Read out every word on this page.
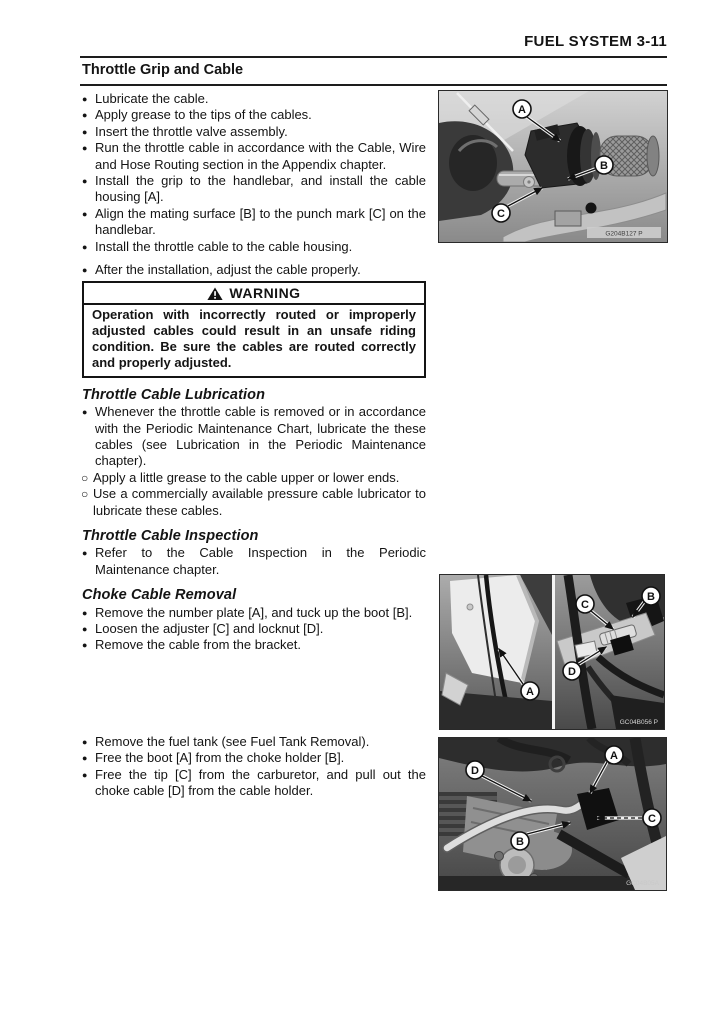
FUEL SYSTEM 3-11
Throttle Grip and Cable
● Lubricate the cable.
● Apply grease to the tips of the cables.
● Insert the throttle valve assembly.
● Run the throttle cable in accordance with the Cable, Wire and Hose Routing section in the Appendix chapter.
● Install the grip to the handlebar, and install the cable housing [A].
● Align the mating surface [B] to the punch mark [C] on the handlebar.
● Install the throttle cable to the cable housing.
● After the installation, adjust the cable properly.
WARNING
Operation with incorrectly routed or improperly adjusted cables could result in an unsafe riding condition. Be sure the cables are routed correctly and properly adjusted.
Throttle Cable Lubrication
● Whenever the throttle cable is removed or in accordance with the Periodic Maintenance Chart, lubricate the these cables (see Lubrication in the Periodic Maintenance chapter).
○ Apply a little grease to the cable upper or lower ends.
○ Use a commercially available pressure cable lubricator to lubricate these cables.
Throttle Cable Inspection
● Refer to the Cable Inspection in the Periodic Maintenance chapter.
Choke Cable Removal
● Remove the number plate [A], and tuck up the boot [B].
● Loosen the adjuster [C] and locknut [D].
● Remove the cable from the bracket.
● Remove the fuel tank (see Fuel Tank Removal).
● Free the boot [A] from the choke holder [B].
● Free the tip [C] from the carburetor, and pull out the choke cable [D] from the cable holder.
A
B
C
G204B127 P
A
C
B
D
GC04B056 P
D
A
B
C
GC04B05A
